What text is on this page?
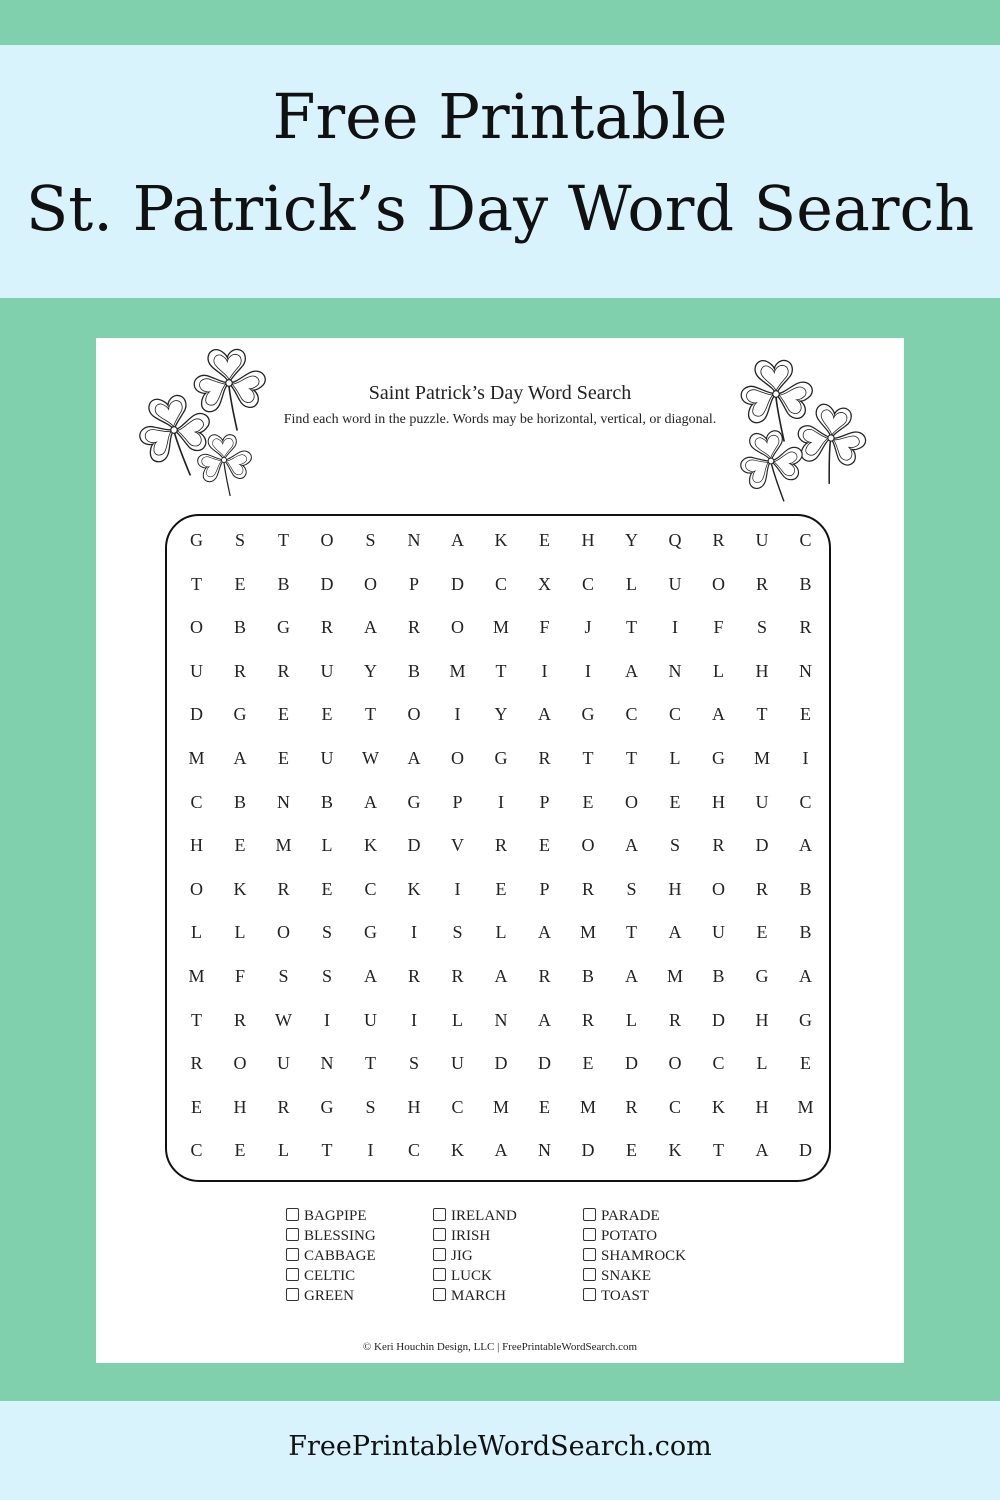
Free Printable
St. Patrick’s Day Word Search
Saint Patrick’s Day Word Search
Find each word in the puzzle. Words may be horizontal, vertical, or diagonal.
G	S	T	O	S	N	A	K	E	H	Y	Q	R	U	C
T	E	B	D	O	P	D	C	X	C	L	U	O	R	B
O	B	G	R	A	R	O	M	F	J	T	I	F	S	R
U	R	R	U	Y	B	M	T	I	I	A	N	L	H	N
D	G	E	E	T	O	I	Y	A	G	C	C	A	T	E
M	A	E	U	W	A	O	G	R	T	T	L	G	M	I
C	B	N	B	A	G	P	I	P	E	O	E	H	U	C
H	E	M	L	K	D	V	R	E	O	A	S	R	D	A
O	K	R	E	C	K	I	E	P	R	S	H	O	R	B
L	L	O	S	G	I	S	L	A	M	T	A	U	E	B
M	F	S	S	A	R	R	A	R	B	A	M	B	G	A
T	R	W	I	U	I	L	N	A	R	L	R	D	H	G
R	O	U	N	T	S	U	D	D	E	D	O	C	L	E
E	H	R	G	S	H	C	M	E	M	R	C	K	H	M
C	E	L	T	I	C	K	A	N	D	E	K	T	A	D
BAGPIPE
BLESSING
CABBAGE
CELTIC
GREEN
IRELAND
IRISH
JIG
LUCK
MARCH
PARADE
POTATO
SHAMROCK
SNAKE
TOAST
© Keri Houchin Design, LLC | FreePrintableWordSearch.com
FreePrintableWordSearch.com
